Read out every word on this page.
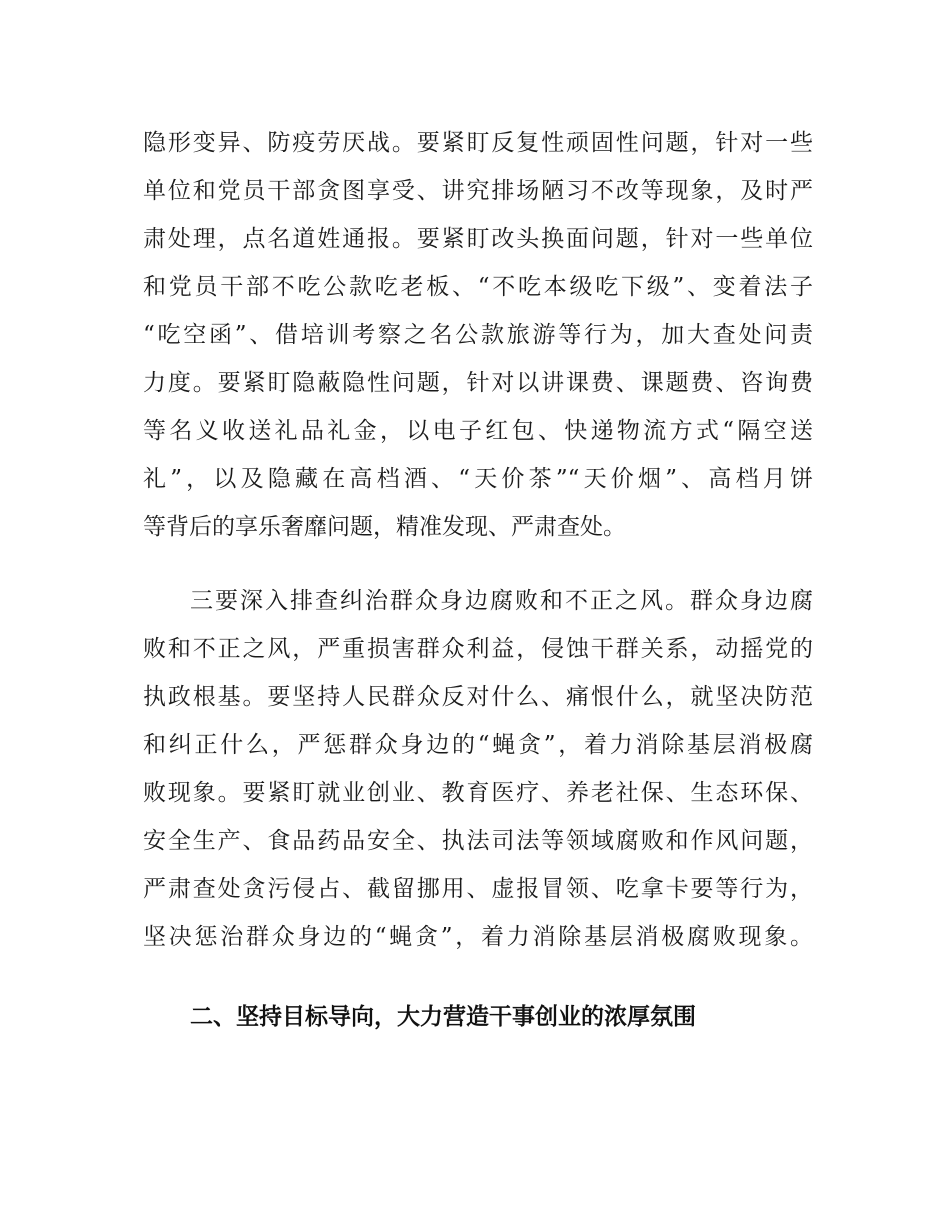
隐形变异、防疫劳厌战。要紧盯反复性顽固性问题，针对一些
单位和党员干部贪图享受、讲究排场陋习不改等现象，及时严
肃处理，点名道姓通报。要紧盯改头换面问题，针对一些单位
和党员干部不吃公款吃老板、“不吃本级吃下级”、变着法子
“吃空函”、借培训考察之名公款旅游等行为，加大查处问责
力度。要紧盯隐蔽隐性问题，针对以讲课费、课题费、咨询费
等名义收送礼品礼金，以电子红包、快递物流方式“隔空送
礼”，以及隐藏在高档酒、“天价茶”“天价烟”、高档月饼
等背后的享乐奢靡问题，精准发现、严肃查处。
三要深入排查纠治群众身边腐败和不正之风。群众身边腐
败和不正之风，严重损害群众利益，侵蚀干群关系，动摇党的
执政根基。要坚持人民群众反对什么、痛恨什么，就坚决防范
和纠正什么，严惩群众身边的“蝇贪”，着力消除基层消极腐
败现象。要紧盯就业创业、教育医疗、养老社保、生态环保、
安全生产、食品药品安全、执法司法等领域腐败和作风问题，
严肃查处贪污侵占、截留挪用、虚报冒领、吃拿卡要等行为，
坚决惩治群众身边的“蝇贪”，着力消除基层消极腐败现象。
二、坚持目标导向，大力营造干事创业的浓厚氛围
